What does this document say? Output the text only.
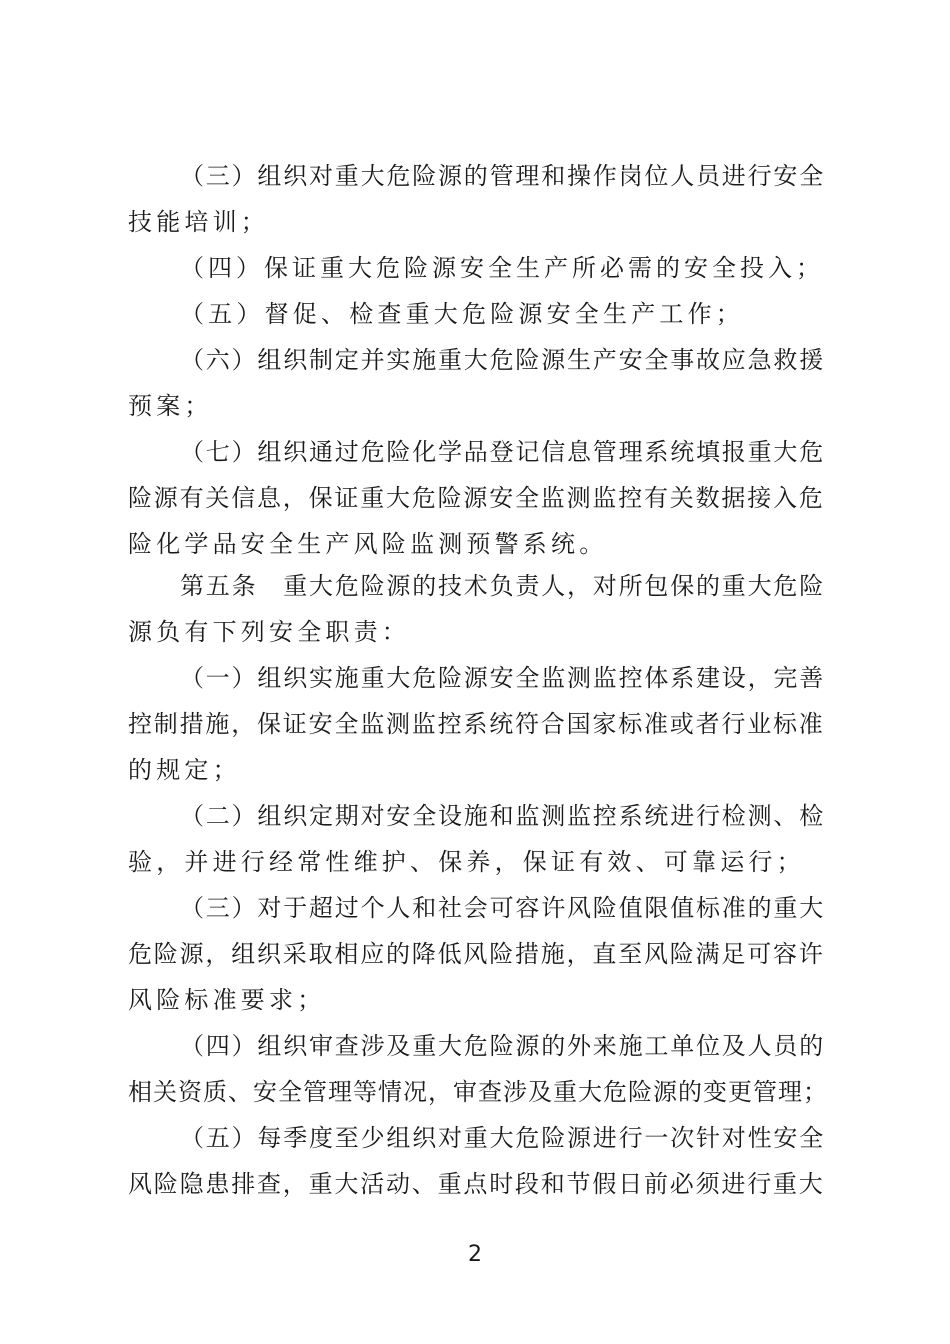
（三）组织对重大危险源的管理和操作岗位人员进行安全
技能培训；
（四）保证重大危险源安全生产所必需的安全投入；
（五）督促、检查重大危险源安全生产工作；
（六）组织制定并实施重大危险源生产安全事故应急救援
预案；
（七）组织通过危险化学品登记信息管理系统填报重大危
险源有关信息，保证重大危险源安全监测监控有关数据接入危
险化学品安全生产风险监测预警系统。
第五条　重大危险源的技术负责人，对所包保的重大危险
源负有下列安全职责：
（一）组织实施重大危险源安全监测监控体系建设，完善
控制措施，保证安全监测监控系统符合国家标准或者行业标准
的规定；
（二）组织定期对安全设施和监测监控系统进行检测、检
验，并进行经常性维护、保养，保证有效、可靠运行；
（三）对于超过个人和社会可容许风险值限值标准的重大
危险源，组织采取相应的降低风险措施，直至风险满足可容许
风险标准要求；
（四）组织审查涉及重大危险源的外来施工单位及人员的
相关资质、安全管理等情况，审查涉及重大危险源的变更管理；
（五）每季度至少组织对重大危险源进行一次针对性安全
风险隐患排查，重大活动、重点时段和节假日前必须进行重大
2
